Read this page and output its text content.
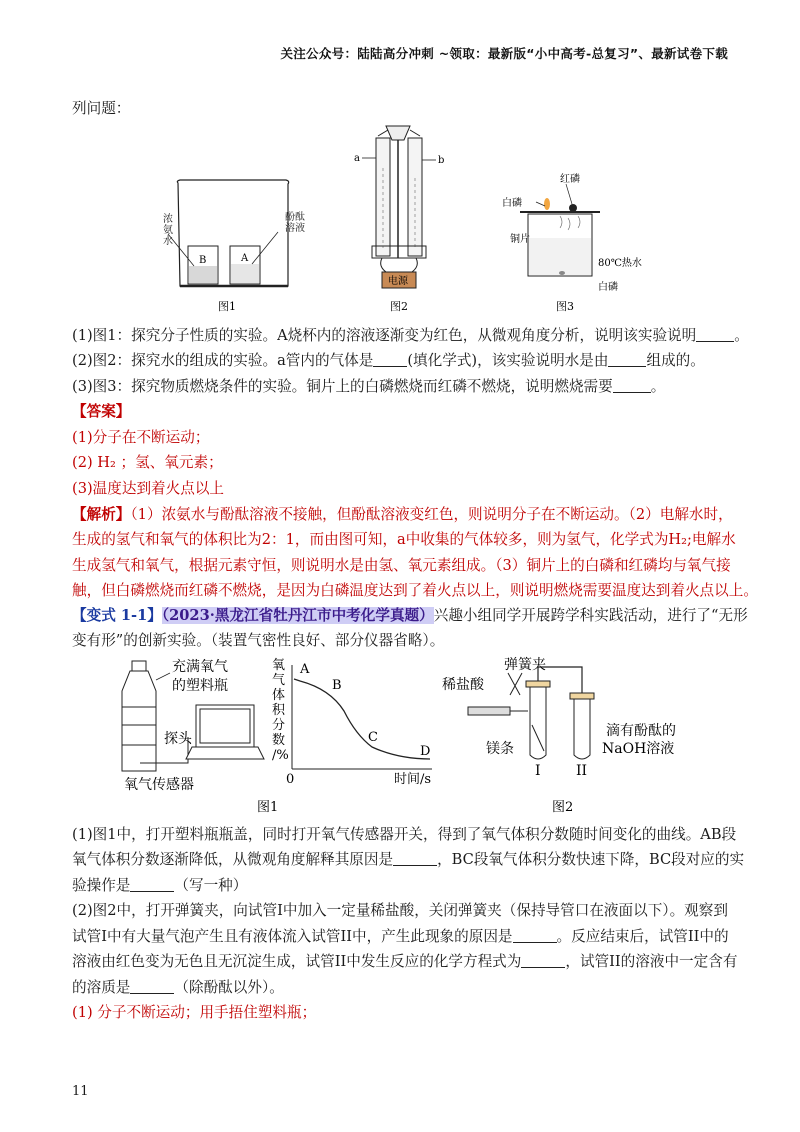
关注公众号：陆陆高分冲刺 ~领取：最新版“小中高考-总复习”、最新试卷下载
列问题：
B	A
图1
a	b
电源
图2
红磷
白磷
铜片
80℃热水
白磷
图3
浓氨水
酚酞溶液
(1)图1：探究分子性质的实验。A烧杯内的溶液逐渐变为红色，从微观角度分析，说明该实验说明	。
(2)图2：探究水的组成的实验。a管内的气体是 (填化学式)，该实验说明水是由	组成的。
(3)图3：探究物质燃烧条件的实验。铜片上的白磷燃烧而红磷不燃烧，说明燃烧需要	。
【答案】
(1)分子在不断运动；
(2) H₂ ；氢、氧元素；
(3)温度达到着火点以上
【解析】（1）浓氨水与酚酞溶液不接触，但酚酞溶液变红色，则说明分子在不断运动。（2）电解水时，
生成的氢气和氧气的体积比为2：1，而由图可知，a中收集的气体较多，则为氢气，化学式为H₂;电解水
生成氢气和氧气，根据元素守恒，则说明水是由氢、氧元素组成。（3）铜片上的白磷和红磷均与氧气接
触，但白磷燃烧而红磷不燃烧，是因为白磷温度达到了着火点以上，则说明燃烧需要温度达到着火点以上。
【变式 1-1】（2023·黑龙江省牡丹江市中考化学真题）兴趣小组同学开展跨学科实践活动，进行了“无形
变有形”的创新实验。（装置气密性良好、部分仪器省略）。
充满氧气
的塑料瓶
探头
氧气传感器
图1
A
B
C
D
0	时间/s
氧
气
体
积
分
数
/%
弹簧夹
稀盐酸
镁条
I	II
滴有酚酞的
NaOH溶液
图2
(1)图1中，打开塑料瓶瓶盖，同时打开氧气传感器开关，得到了氧气体积分数随时间变化的曲线。AB段
氧气体积分数逐渐降低，从微观角度解释其原因是	，BC段氧气体积分数快速下降，BC段对应的实
验操作是	（写一种）
(2)图2中，打开弹簧夹，向试管I中加入一定量稀盐酸，关闭弹簧夹（保持导管口在液面以下）。观察到
试管I中有大量气泡产生且有液体流入试管II中，产生此现象的原因是	。反应结束后，试管II中的
溶液由红色变为无色且无沉淀生成，试管II中发生反应的化学方程式为	，试管II的溶液中一定含有
的溶质是	（除酚酞以外）。
(1) 分子不断运动；用手捂住塑料瓶；
11
